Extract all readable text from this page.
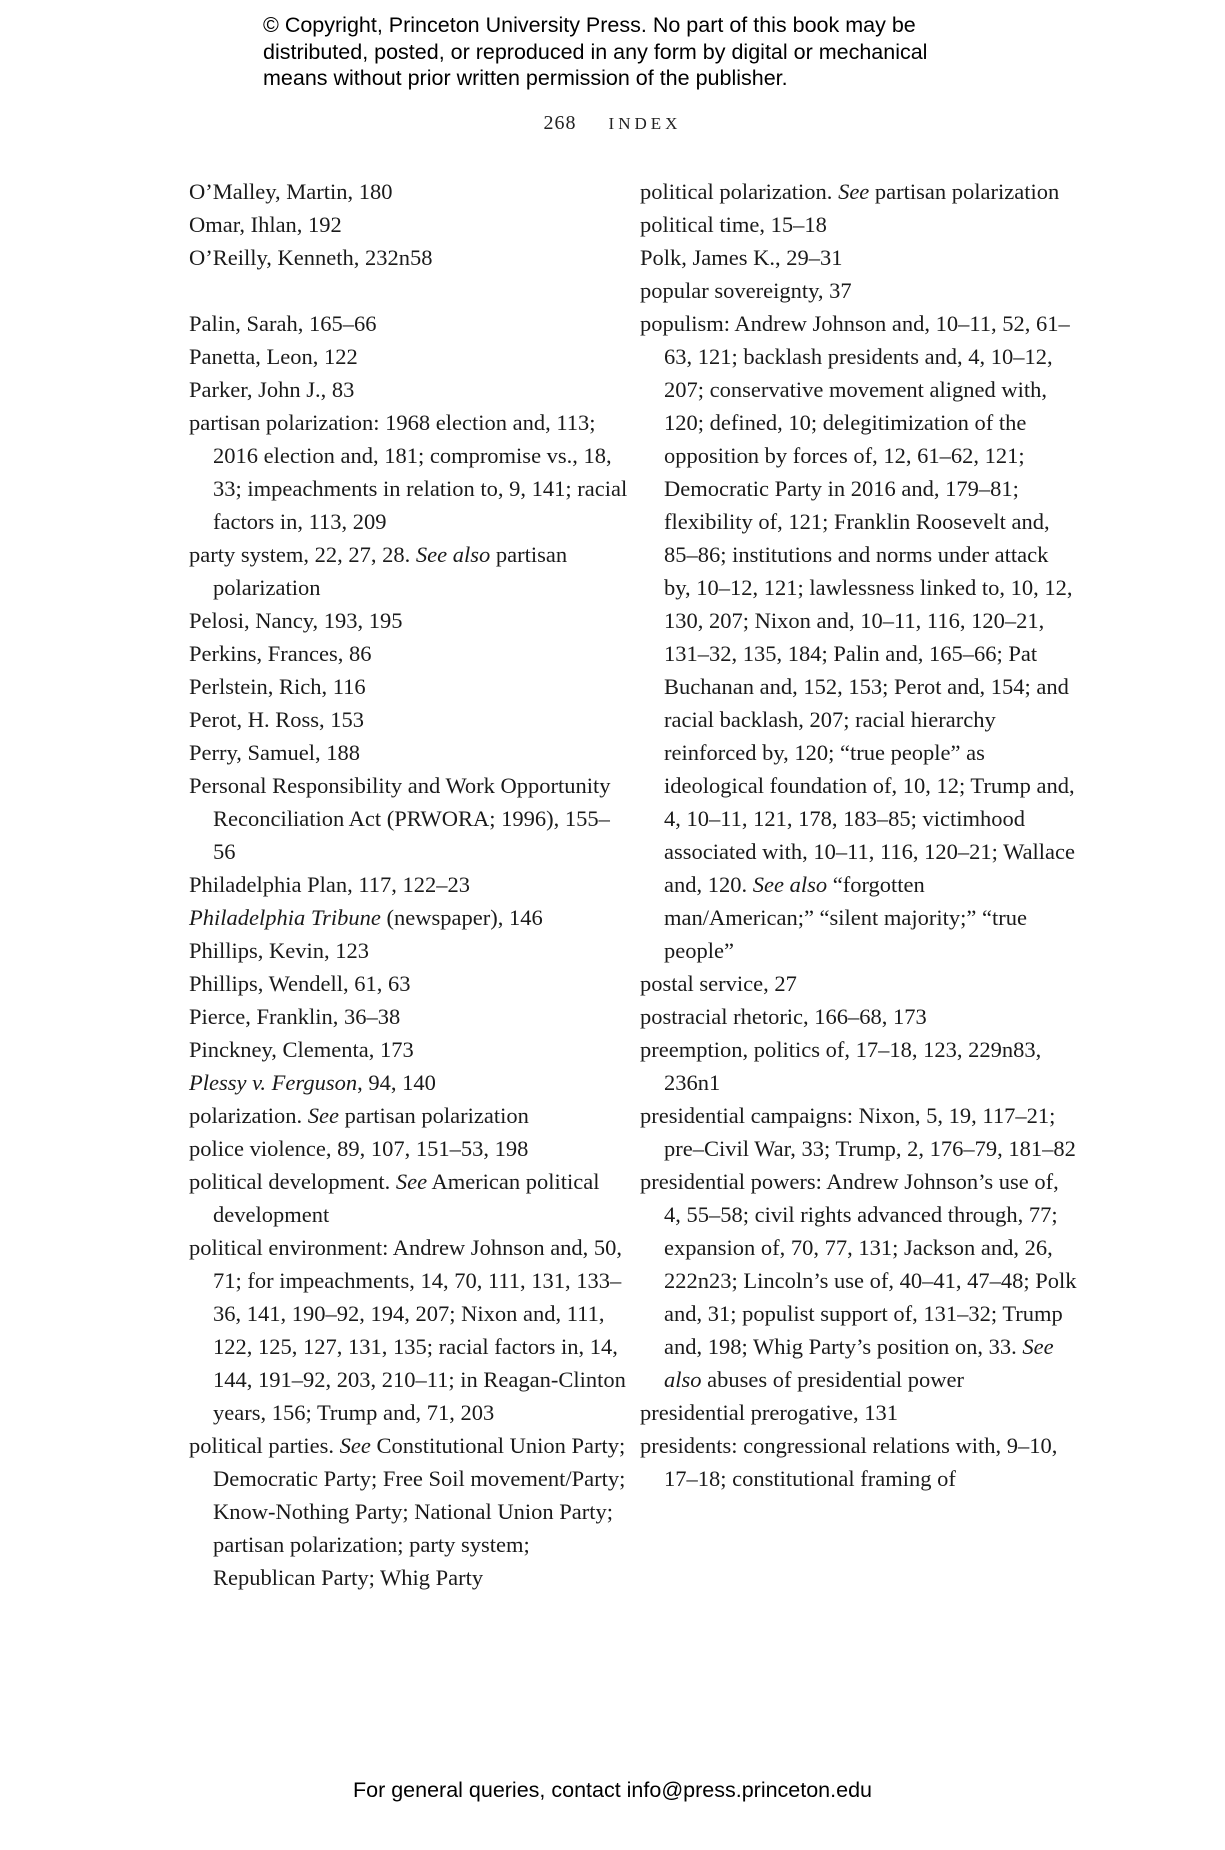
© Copyright, Princeton University Press. No part of this book may be
distributed, posted, or reproduced in any form by digital or mechanical
means without prior written permission of the publisher.
268 INDEX

O’Malley, Martin, 180

Omar, Ihlan, 192

O’Reilly, Kenneth, 232n58

Palin, Sarah, 165–66

Panetta, Leon, 122

Parker, John J., 83

partisan polarization: 1968 election and, 113; 2016 election and, 181; compromise vs., 18, 33; impeachments in relation to, 9, 141; racial factors in, 113, 209

party system, 22, 27, 28. See also partisan polarization

Pelosi, Nancy, 193, 195

Perkins, Frances, 86

Perlstein, Rich, 116

Perot, H. Ross, 153

Perry, Samuel, 188

Personal Responsibility and Work Opportunity Reconciliation Act (PRWORA; 1996), 155–56

Philadelphia Plan, 117, 122–23

Philadelphia Tribune (newspaper), 146

Phillips, Kevin, 123

Phillips, Wendell, 61, 63

Pierce, Franklin, 36–38

Pinckney, Clementa, 173

Plessy v. Ferguson, 94, 140

polarization. See partisan polarization

police violence, 89, 107, 151–53, 198

political development. See American political development

political environment: Andrew Johnson and, 50, 71; for impeachments, 14, 70, 111, 131, 133–36, 141, 190–92, 194, 207; Nixon and, 111, 122, 125, 127, 131, 135; racial factors in, 14, 144, 191–92, 203, 210–11; in Reagan-Clinton years, 156; Trump and, 71, 203

political parties. See Constitutional Union Party; Democratic Party; Free Soil movement/Party; Know-Nothing Party; National Union Party; partisan polarization; party system; Republican Party; Whig Party

political polarization. See partisan polarization

political time, 15–18

Polk, James K., 29–31

popular sovereignty, 37

populism: Andrew Johnson and, 10–11, 52, 61–63, 121; backlash presidents and, 4, 10–12, 207; conservative movement aligned with, 120; defined, 10; delegitimization of the opposition by forces of, 12, 61–62, 121; Democratic Party in 2016 and, 179–81; flexibility of, 121; Franklin Roosevelt and, 85–86; institutions and norms under attack by, 10–12, 121; lawlessness linked to, 10, 12, 130, 207; Nixon and, 10–11, 116, 120–21, 131–32, 135, 184; Palin and, 165–66; Pat Buchanan and, 152, 153; Perot and, 154; and racial backlash, 207; racial hierarchy reinforced by, 120; “true people” as ideological foundation of, 10, 12; Trump and, 4, 10–11, 121, 178, 183–85; victimhood associated with, 10–11, 116, 120–21; Wallace and, 120. See also “forgotten man/American;” “silent majority;” “true people”

postal service, 27

postracial rhetoric, 166–68, 173

preemption, politics of, 17–18, 123, 229n83, 236n1

presidential campaigns: Nixon, 5, 19, 117–21; pre–Civil War, 33; Trump, 2, 176–79, 181–82

presidential powers: Andrew Johnson’s use of, 4, 55–58; civil rights advanced through, 77; expansion of, 70, 77, 131; Jackson and, 26, 222n23; Lincoln’s use of, 40–41, 47–48; Polk and, 31; populist support of, 131–32; Trump and, 198; Whig Party’s position on, 33. See also abuses of presidential power

presidential prerogative, 131

presidents: congressional relations with, 9–10, 17–18; constitutional framing of

For general queries, contact info@press.princeton.edu
